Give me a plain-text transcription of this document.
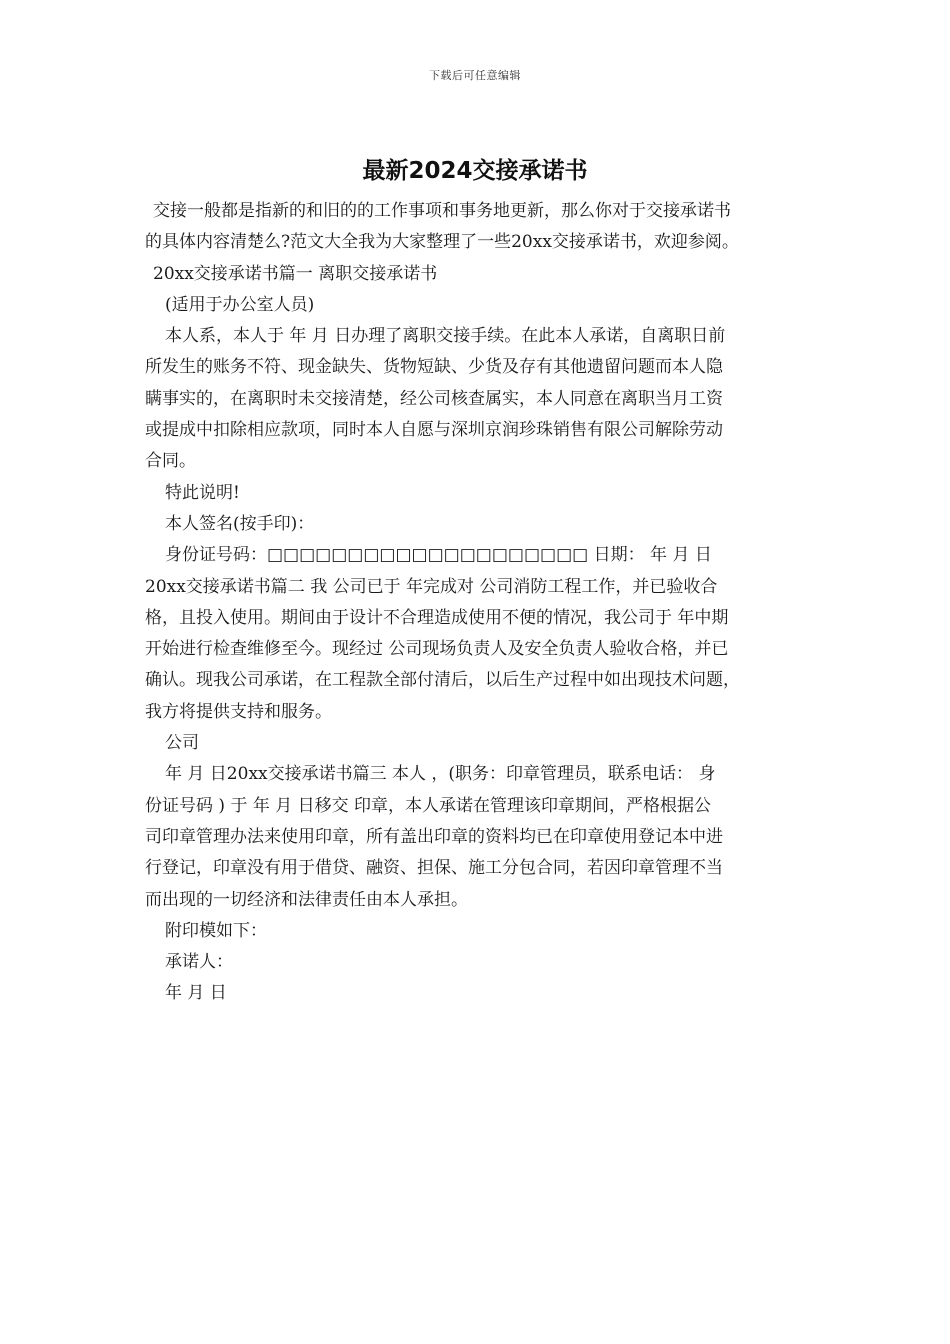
下载后可任意编辑
最新2024交接承诺书
交接一般都是指新的和旧的的工作事项和事务地更新，那么你对于交接承诺书
的具体内容清楚么?范文大全我为大家整理了一些20xx交接承诺书，欢迎参阅。
20xx交接承诺书篇一 离职交接承诺书
(适用于办公室人员)
本人系，本人于 年 月 日办理了离职交接手续。在此本人承诺，自离职日前
所发生的账务不符、现金缺失、货物短缺、少货及存有其他遗留问题而本人隐
瞒事实的，在离职时未交接清楚，经公司核查属实，本人同意在离职当月工资
或提成中扣除相应款项，同时本人自愿与深圳京润珍珠销售有限公司解除劳动
合同。
特此说明!
本人签名(按手印)：
身份证号码：□□□□□□□□□□□□□□□□□□□□ 日期： 年 月 日
20xx交接承诺书篇二 我 公司已于 年完成对 公司消防工程工作，并已验收合
格，且投入使用。期间由于设计不合理造成使用不便的情况，我公司于 年中期
开始进行检查维修至今。现经过 公司现场负责人及安全负责人验收合格，并已
确认。现我公司承诺，在工程款全部付清后，以后生产过程中如出现技术问题，
我方将提供支持和服务。
公司
年 月 日20xx交接承诺书篇三 本人 ，(职务：印章管理员，联系电话： 身
份证号码 ) 于 年 月 日移交 印章，本人承诺在管理该印章期间，严格根据公
司印章管理办法来使用印章，所有盖出印章的资料均已在印章使用登记本中进
行登记，印章没有用于借贷、融资、担保、施工分包合同，若因印章管理不当
而出现的一切经济和法律责任由本人承担。
附印模如下：
承诺人：
年 月 日
